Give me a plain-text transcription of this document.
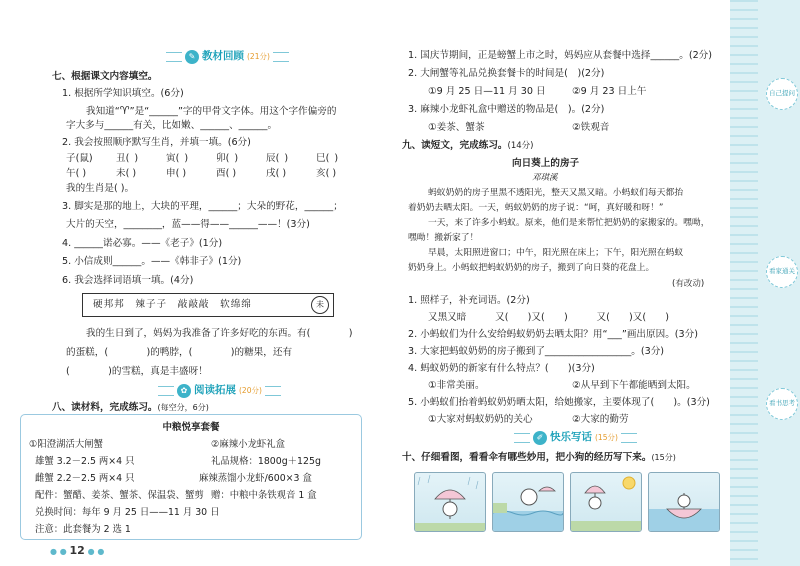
✎ 教材回顾 (21分)
七、根据课文内容填空。
1. 根据所学知识填空。(6分)
我知道“♈”是“______”字的甲骨文字体。用这个字作偏旁的
字大多与______有关，比如嫩、______、______。
2. 我会按照顺序默写生肖，并填一填。(6分)
子(鼠) 丑( )	寅( )	卯( )	辰( )	巳( )
午( )	未( )	申( )	酉( )	戌( )	亥( )
我的生肖是( )。
3. 脚实是那的地上，大块的平理，______；大朵的野花，______；
大片的天空，________，蓝——得——______——！(3分)
4. ______诺必寡。——《老子》(1分)
5. 小信成则______。——《韩非子》(1分)
6. 我会选择词语填一填。(4分)
硬邦邦　辣子子　敲敲敲　软绵绵	未
我的生日到了，妈妈为我准备了许多好吃的东西。有(　　　　)
的蛋糕，(　　　　)的鸭脖，(　　　　)的糖果，还有
(　　　　)的雪糕，真是丰盛呀！
✿ 阅读拓展 (20分)
八、读材料，完成练习。(每空分，6分)
中粮悦享套餐
①阳澄湖活大闸蟹	②麻辣小龙虾礼盒
雄蟹 3.2－2.5 两×4 只	礼品规格：1800g＋125g
雌蟹 2.2－2.5 两×4 只	麻辣蒸馏小龙虾/600×3 盒
配件：蟹醋、姜茶、蟹茶、保温袋、蟹剪 赠：中粮中条铁观音 1 盒
兑换时间：每年 9 月 25 日——11 月 30 日
注意：此套餐为 2 选 1
● ● 12 ● ●
1. 国庆节期间，正是螃蟹上市之时，妈妈应从套餐中选择______。(2分)
2. 大闸蟹等礼品兑换套餐卡的时间是(　)(2分)
①9 月 25 日—11 月 30 日	②9 月 23 日上午
3. 麻辣小龙虾礼盒中赠送的物品是(　)。(2分)
①姜茶、蟹茶	②铁观音
九、读短文，完成练习。(14分)
向日葵上的房子
邓琪溪
蚂蚁奶奶的房子里黑不透阳光，整天又黑又暗。小蚂蚁们每天都抬
着奶奶去晒太阳。一天，蚂蚁奶奶的房子说：“呵，真好暖和呀！”
一天，来了许多小蚂蚁。原来，他们是来帮忙把奶奶的家搬家的。嘿呦，
嘿呦！搬新家了！
早晨，太阳照进窗口；中午，阳光照在床上；下午，阳光照在蚂蚁
奶奶身上。小蚂蚁把蚂蚁奶奶的房子，搬到了向日葵的花盘上。
(有改动)
1. 照样子，补充词语。(2分)
又黑又暗　　　又(　　)又(　　)　　　又(　　)又(　　)
2. 小蚂蚁们为什么安给蚂蚁奶奶去晒太阳？用“___”画出原因。(3分)
3. 大家把蚂蚁奶奶的房子搬到了__________________。(3分)
4. 蚂蚁奶奶的新家有什么特点？(　　)(3分)
①非常美丽。	②从早到下午都能晒到太阳。
5. 小蚂蚁们抬着蚂蚁奶奶晒太阳，给她搬家，主要体现了(　　)。(3分)
①大家对蚂蚁奶奶的关心	②大家的勤劳
✐ 快乐写话 (15分)
十、仔细看图，看看伞有哪些妙用，把小狗的经历写下来。(15分)
自己提问
看家通关
看书思考
